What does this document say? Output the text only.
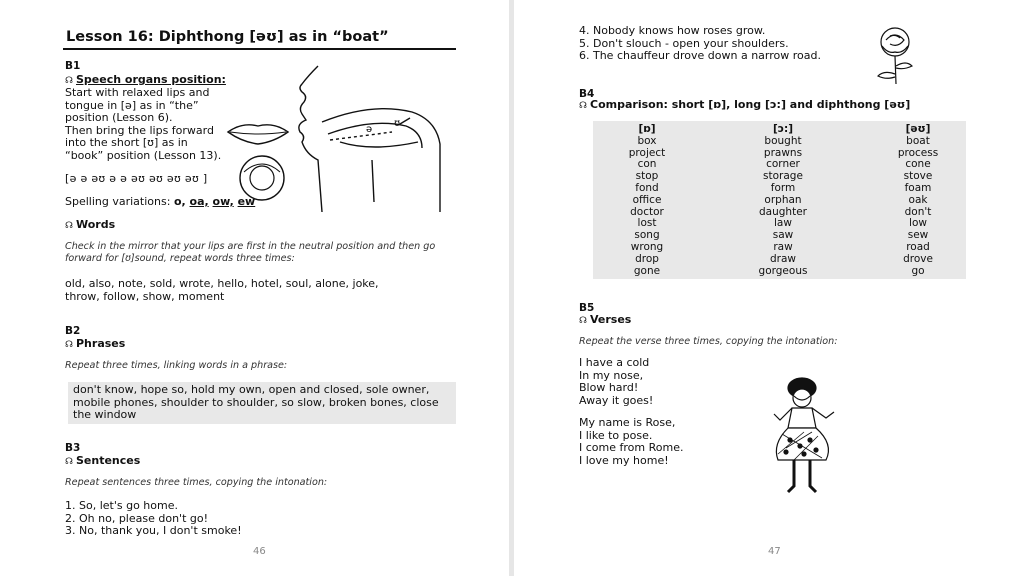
Lesson 16: Diphthong [əʊ] as in “boat”
B1
☊ Speech organs position:
Start with relaxed lips and
tongue in [ə] as in “the”
position (Lesson 6).
Then bring the lips forward
into the short [ʊ] as in
“book” position (Lesson 13).
ə
ʊ
[ə ə əʊ ə ə əʊ əʊ əʊ əʊ ]
Spelling variations: o, oa, ow, ew
☊ Words
Check in the mirror that your lips are first in the neutral position and then go forward for [ʊ]sound, repeat words three times:
old, also, note, sold, wrote, hello, hotel, soul, alone, joke,
throw, follow, show, moment
B2
☊ Phrases
Repeat three times, linking words in a phrase:
don't know, hope so, hold my own, open and closed, sole owner, mobile phones, shoulder to shoulder, so slow, broken bones, close the window
B3
☊ Sentences
Repeat sentences three times, copying the intonation:
1. So, let's go home.
2. Oh no, please don't go!
3. No, thank you, I don't smoke!
46
4. Nobody knows how roses grow.
5. Don't slouch - open your shoulders.
6. The chauffeur drove down a narrow road.
B4
☊ Comparison: short [ɒ], long [ɔ:] and diphthong [əʊ]
[ɒ]
box
project
con
stop
fond
office
doctor
lost
song
wrong
drop
gone
[ɔ:]
bought
prawns
corner
storage
form
orphan
daughter
law
saw
raw
draw
gorgeous
[əʊ]
boat
process
cone
stove
foam
oak
don't
low
sew
road
drove
go
B5
☊ Verses
Repeat the verse three times, copying the intonation:
I have a cold
In my nose,
Blow hard!
Away it goes!
My name is Rose,
I like to pose.
I come from Rome.
I love my home!
47
